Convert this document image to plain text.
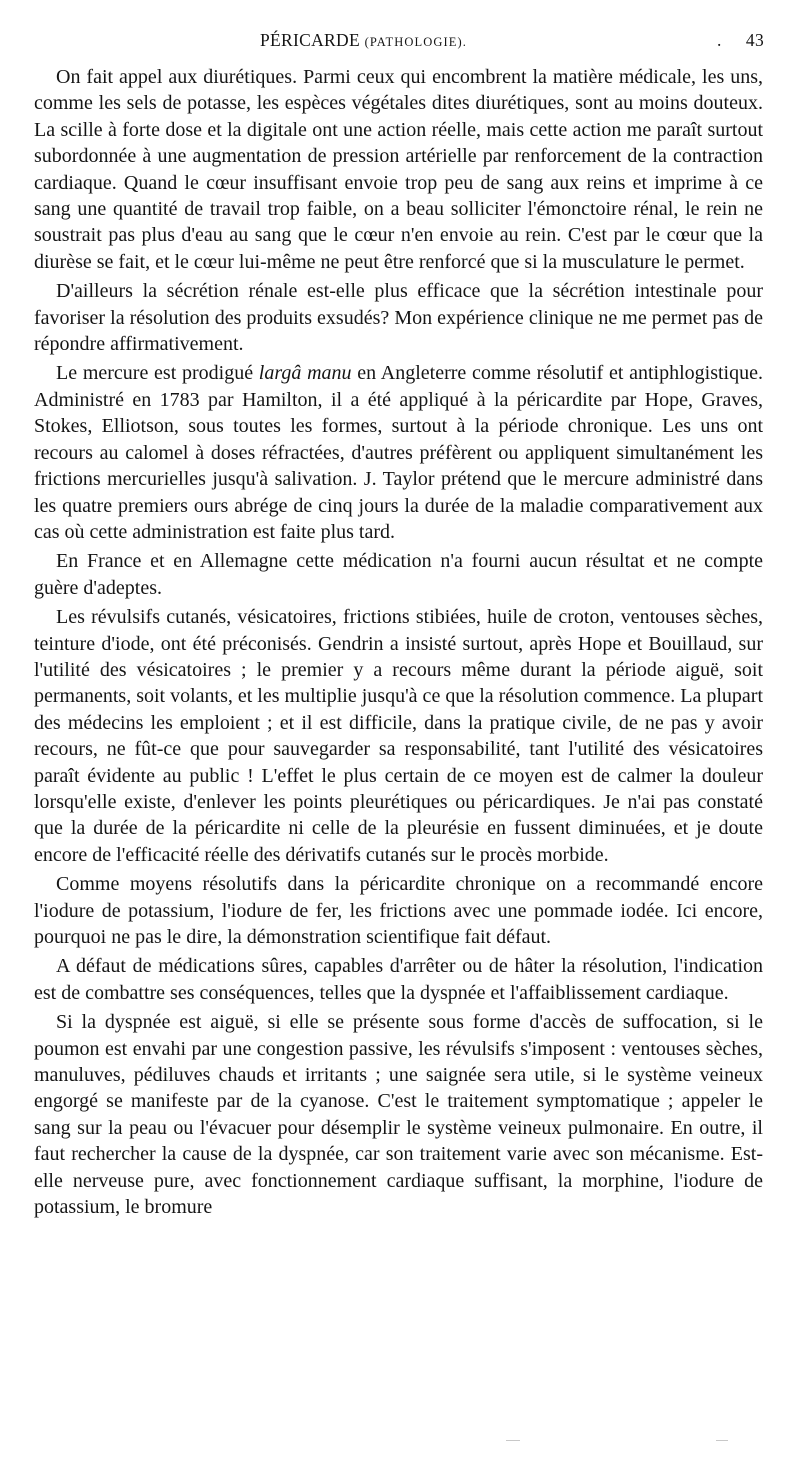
PÉRICARDE (PATHOLOGIE).	. 43

On fait appel aux diurétiques. Parmi ceux qui encombrent la matière médicale, les uns, comme les sels de potasse, les espèces végétales dites diurétiques, sont au moins douteux. La scille à forte dose et la digitale ont une action réelle, mais cette action me paraît surtout subordonnée à une augmentation de pression artérielle par renforcement de la contraction cardiaque. Quand le cœur insuffisant envoie trop peu de sang aux reins et imprime à ce sang une quantité de travail trop faible, on a beau solliciter l'émonctoire rénal, le rein ne soustrait pas plus d'eau au sang que le cœur n'en envoie au rein. C'est par le cœur que la diurèse se fait, et le cœur lui-même ne peut être renforcé que si la musculature le permet.

D'ailleurs la sécrétion rénale est-elle plus efficace que la sécrétion intestinale pour favoriser la résolution des produits exsudés? Mon expérience clinique ne me permet pas de répondre affirmativement.

Le mercure est prodigué largâ manu en Angleterre comme résolutif et antiphlogistique. Administré en 1783 par Hamilton, il a été appliqué à la péricardite par Hope, Graves, Stokes, Elliotson, sous toutes les formes, surtout à la période chronique. Les uns ont recours au calomel à doses réfractées, d'autres préfèrent ou appliquent simultanément les frictions mercurielles jusqu'à salivation. J. Taylor prétend que le mercure administré dans les quatre premiers ours abrége de cinq jours la durée de la maladie comparativement aux cas où cette administration est faite plus tard.

En France et en Allemagne cette médication n'a fourni aucun résultat et ne compte guère d'adeptes.

Les révulsifs cutanés, vésicatoires, frictions stibiées, huile de croton, ventouses sèches, teinture d'iode, ont été préconisés. Gendrin a insisté surtout, après Hope et Bouillaud, sur l'utilité des vésicatoires ; le premier y a recours même durant la période aiguë, soit permanents, soit volants, et les multiplie jusqu'à ce que la résolution commence. La plupart des médecins les emploient ; et il est difficile, dans la pratique civile, de ne pas y avoir recours, ne fût-ce que pour sauvegarder sa responsabilité, tant l'utilité des vésicatoires paraît évidente au public ! L'effet le plus certain de ce moyen est de calmer la douleur lorsqu'elle existe, d'enlever les points pleurétiques ou péricardiques. Je n'ai pas constaté que la durée de la péricardite ni celle de la pleurésie en fussent diminuées, et je doute encore de l'efficacité réelle des dérivatifs cutanés sur le procès morbide.

Comme moyens résolutifs dans la péricardite chronique on a recommandé encore l'iodure de potassium, l'iodure de fer, les frictions avec une pommade iodée. Ici encore, pourquoi ne pas le dire, la démonstration scientifique fait défaut.

A défaut de médications sûres, capables d'arrêter ou de hâter la résolution, l'indication est de combattre ses conséquences, telles que la dyspnée et l'affaiblissement cardiaque.

Si la dyspnée est aiguë, si elle se présente sous forme d'accès de suffocation, si le poumon est envahi par une congestion passive, les révulsifs s'imposent : ventouses sèches, manuluves, pédiluves chauds et irritants ; une saignée sera utile, si le système veineux engorgé se manifeste par de la cyanose. C'est le traitement symptomatique ; appeler le sang sur la peau ou l'évacuer pour désemplir le système veineux pulmonaire. En outre, il faut rechercher la cause de la dyspnée, car son traitement varie avec son mécanisme. Est-elle nerveuse pure, avec fonctionnement cardiaque suffisant, la morphine, l'iodure de potassium, le bromure
